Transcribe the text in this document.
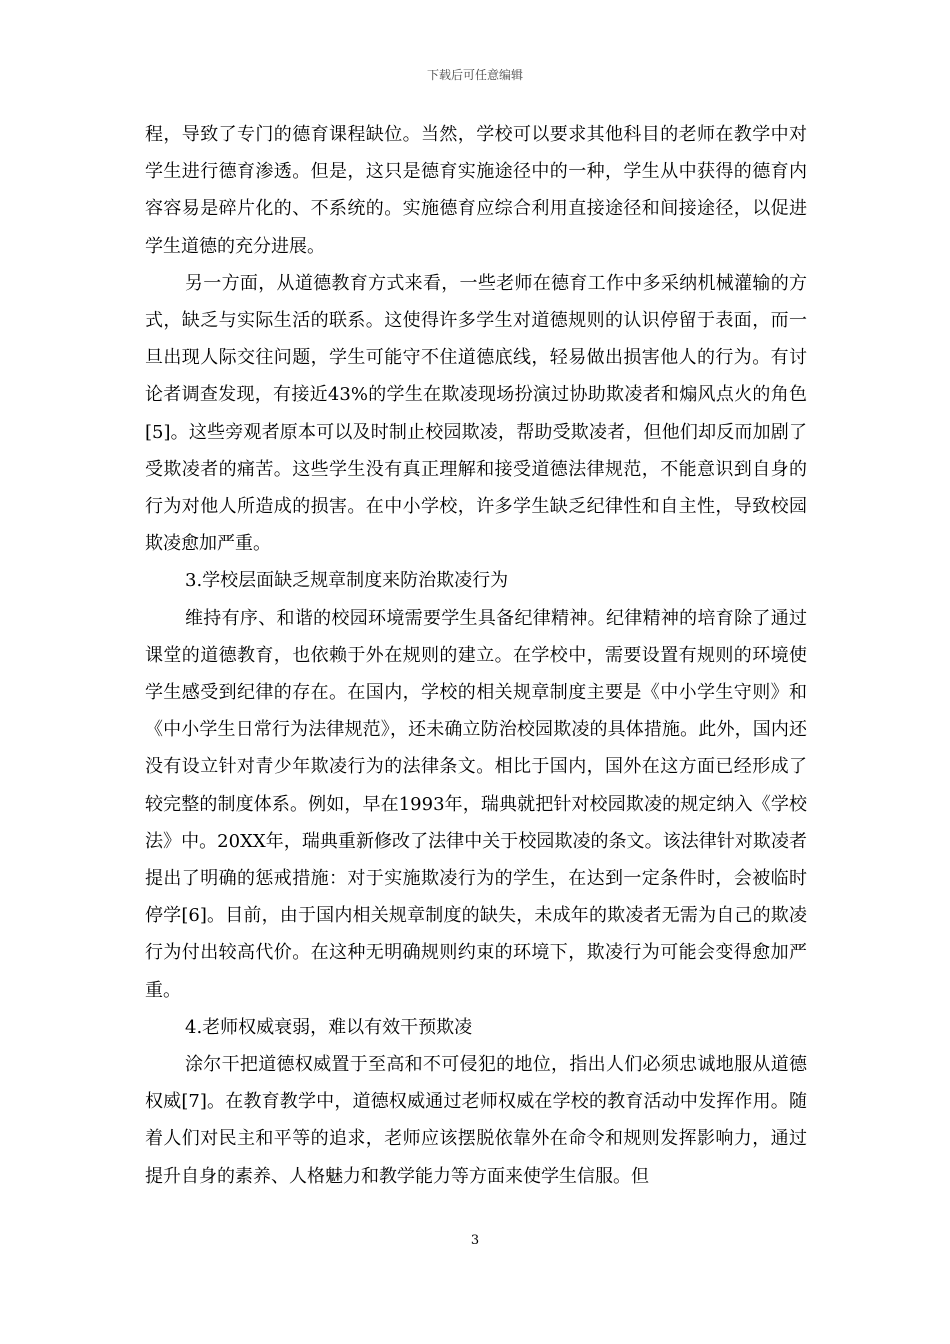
下载后可任意编辑

程，导致了专门的德育课程缺位。当然，学校可以要求其他科目的老师在教学中对学生进行德育渗透。但是，这只是德育实施途径中的一种，学生从中获得的德育内容容易是碎片化的、不系统的。实施德育应综合利用直接途径和间接途径，以促进学生道德的充分进展。

另一方面，从道德教育方式来看，一些老师在德育工作中多采纳机械灌输的方式，缺乏与实际生活的联系。这使得许多学生对道德规则的认识停留于表面，而一旦出现人际交往问题，学生可能守不住道德底线，轻易做出损害他人的行为。有讨论者调查发现，有接近43%的学生在欺凌现场扮演过协助欺凌者和煽风点火的角色[5]。这些旁观者原本可以及时制止校园欺凌，帮助受欺凌者，但他们却反而加剧了受欺凌者的痛苦。这些学生没有真正理解和接受道德法律规范，不能意识到自身的行为对他人所造成的损害。在中小学校，许多学生缺乏纪律性和自主性，导致校园欺凌愈加严重。

3.学校层面缺乏规章制度来防治欺凌行为

维持有序、和谐的校园环境需要学生具备纪律精神。纪律精神的培育除了通过课堂的道德教育，也依赖于外在规则的建立。在学校中，需要设置有规则的环境使学生感受到纪律的存在。在国内，学校的相关规章制度主要是《中小学生守则》和《中小学生日常行为法律规范》，还未确立防治校园欺凌的具体措施。此外，国内还没有设立针对青少年欺凌行为的法律条文。相比于国内，国外在这方面已经形成了较完整的制度体系。例如，早在1993年，瑞典就把针对校园欺凌的规定纳入《学校法》中。20XX年，瑞典重新修改了法律中关于校园欺凌的条文。该法律针对欺凌者提出了明确的惩戒措施：对于实施欺凌行为的学生，在达到一定条件时，会被临时停学[6]。目前，由于国内相关规章制度的缺失，未成年的欺凌者无需为自己的欺凌行为付出较高代价。在这种无明确规则约束的环境下，欺凌行为可能会变得愈加严重。

4.老师权威衰弱，难以有效干预欺凌

涂尔干把道德权威置于至高和不可侵犯的地位，指出人们必须忠诚地服从道德权威[7]。在教育教学中，道德权威通过老师权威在学校的教育活动中发挥作用。随着人们对民主和平等的追求，老师应该摆脱依靠外在命令和规则发挥影响力，通过提升自身的素养、人格魅力和教学能力等方面来使学生信服。但

3
